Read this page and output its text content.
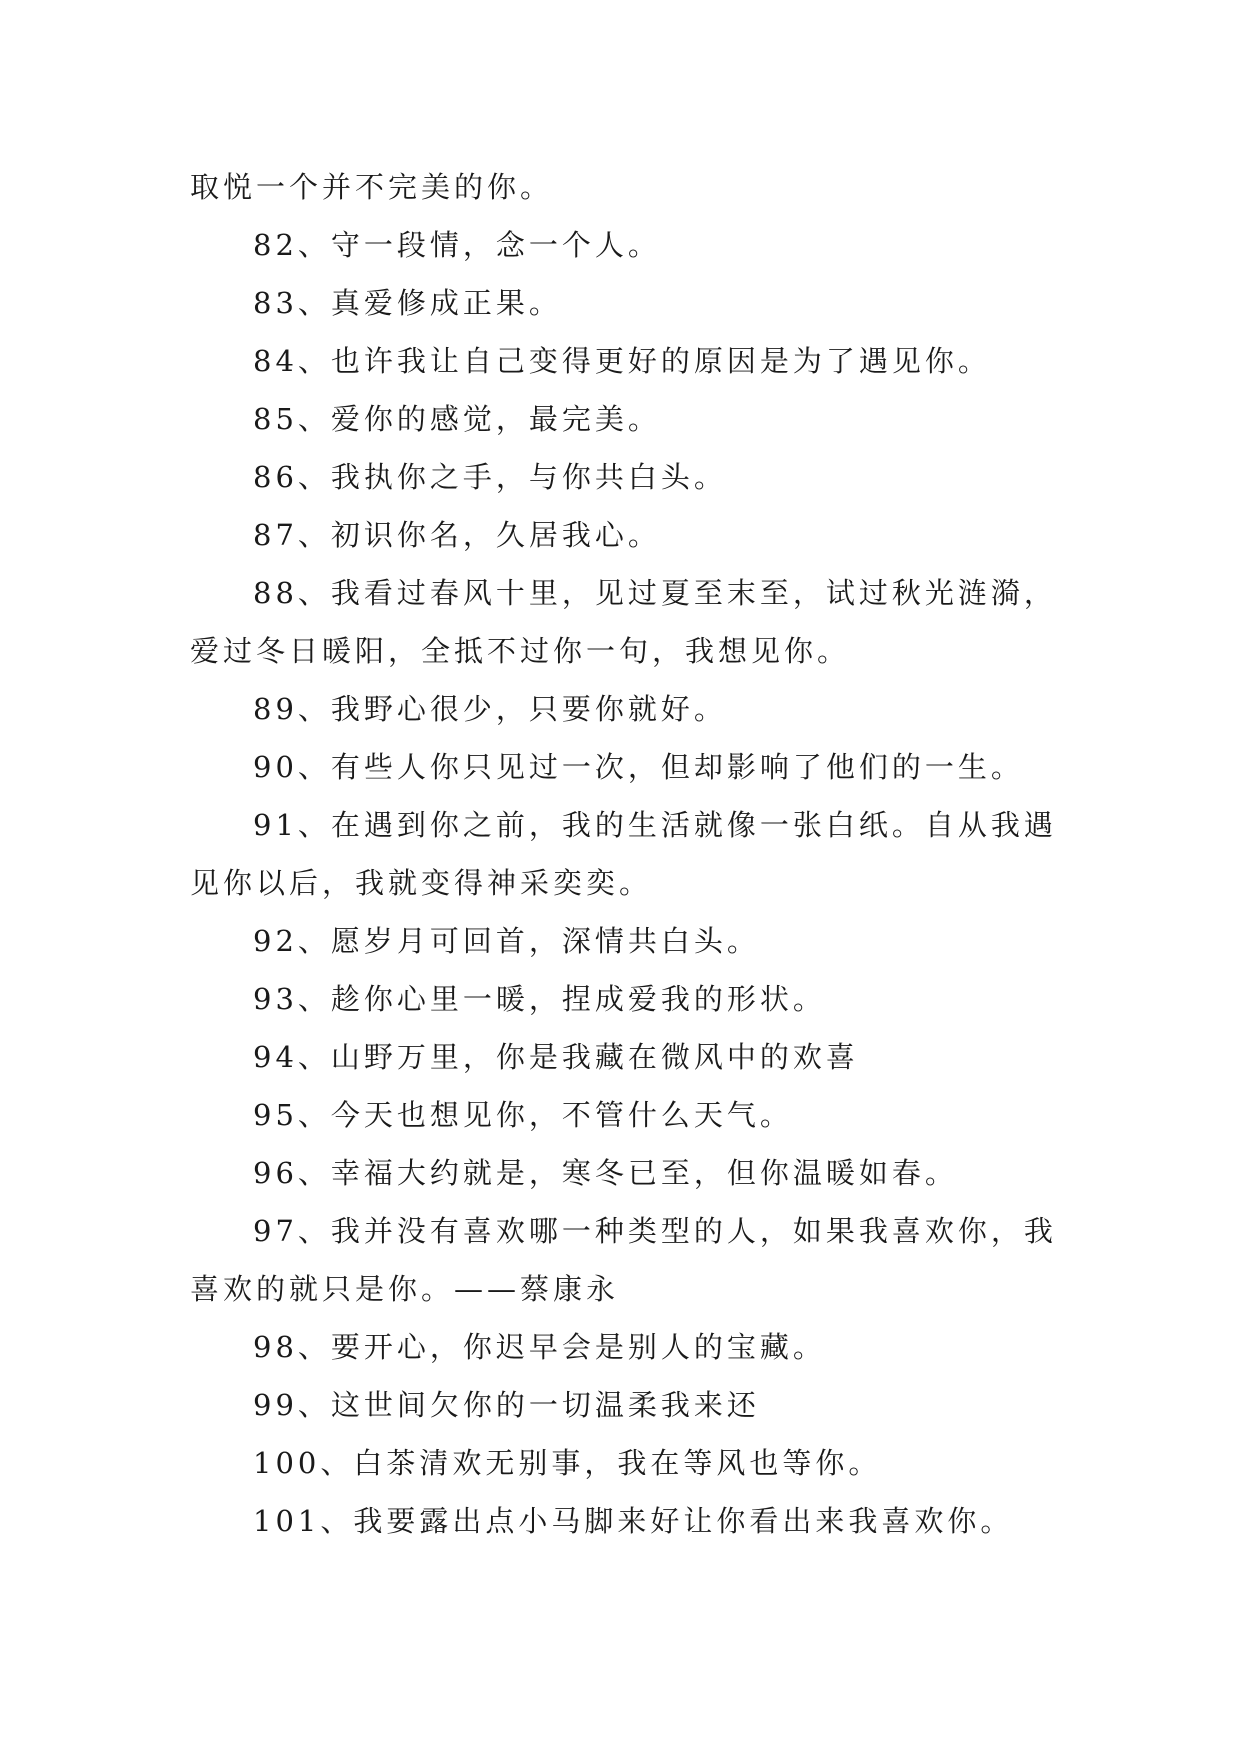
取悦一个并不完美的你。
82、守一段情，念一个人。
83、真爱修成正果。
84、也许我让自己变得更好的原因是为了遇见你。
85、爱你的感觉，最完美。
86、我执你之手，与你共白头。
87、初识你名，久居我心。
88、我看过春风十里，见过夏至末至，试过秋光涟漪，
爱过冬日暖阳，全抵不过你一句，我想见你。
89、我野心很少，只要你就好。
90、有些人你只见过一次，但却影响了他们的一生。
91、在遇到你之前，我的生活就像一张白纸。自从我遇
见你以后，我就变得神采奕奕。
92、愿岁月可回首，深情共白头。
93、趁你心里一暖，捏成爱我的形状。
94、山野万里，你是我藏在微风中的欢喜
95、今天也想见你，不管什么天气。
96、幸福大约就是，寒冬已至，但你温暖如春。
97、我并没有喜欢哪一种类型的人，如果我喜欢你，我
喜欢的就只是你。——蔡康永
98、要开心，你迟早会是别人的宝藏。
99、这世间欠你的一切温柔我来还
100、白茶清欢无别事，我在等风也等你。
101、我要露出点小马脚来好让你看出来我喜欢你。
